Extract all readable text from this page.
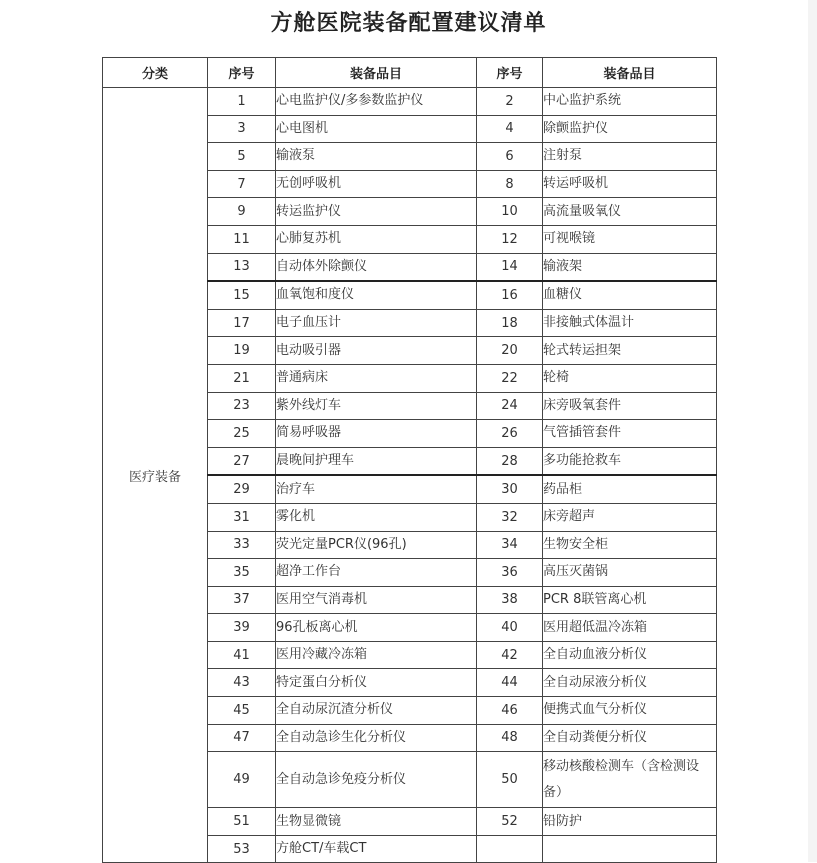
方舱医院装备配置建议清单
分类	序号	装备品目	序号	装备品目
医疗装备	1	心电监护仪/多参数监护仪	2	中心监护系统
	3	心电图机	4	除颤监护仪
	5	输液泵	6	注射泵
	7	无创呼吸机	8	转运呼吸机
	9	转运监护仪	10	高流量吸氧仪
	11	心肺复苏机	12	可视喉镜
	13	自动体外除颤仪	14	输液架
	15	血氧饱和度仪	16	血糖仪
	17	电子血压计	18	非接触式体温计
	19	电动吸引器	20	轮式转运担架
	21	普通病床	22	轮椅
	23	紫外线灯车	24	床旁吸氧套件
	25	简易呼吸器	26	气管插管套件
	27	晨晚间护理车	28	多功能抢救车
	29	治疗车	30	药品柜
	31	雾化机	32	床旁超声
	33	荧光定量PCR仪(96孔)	34	生物安全柜
	35	超净工作台	36	高压灭菌锅
	37	医用空气消毒机	38	PCR 8联管离心机
	39	96孔板离心机	40	医用超低温冷冻箱
	41	医用冷藏冷冻箱	42	全自动血液分析仪
	43	特定蛋白分析仪	44	全自动尿液分析仪
	45	全自动尿沉渣分析仪	46	便携式血气分析仪
	47	全自动急诊生化分析仪	48	全自动粪便分析仪
	49	全自动急诊免疫分析仪	50	移动核酸检测车（含检测设备）
	51	生物显微镜	52	铅防护
	53	方舱CT/车载CT		
